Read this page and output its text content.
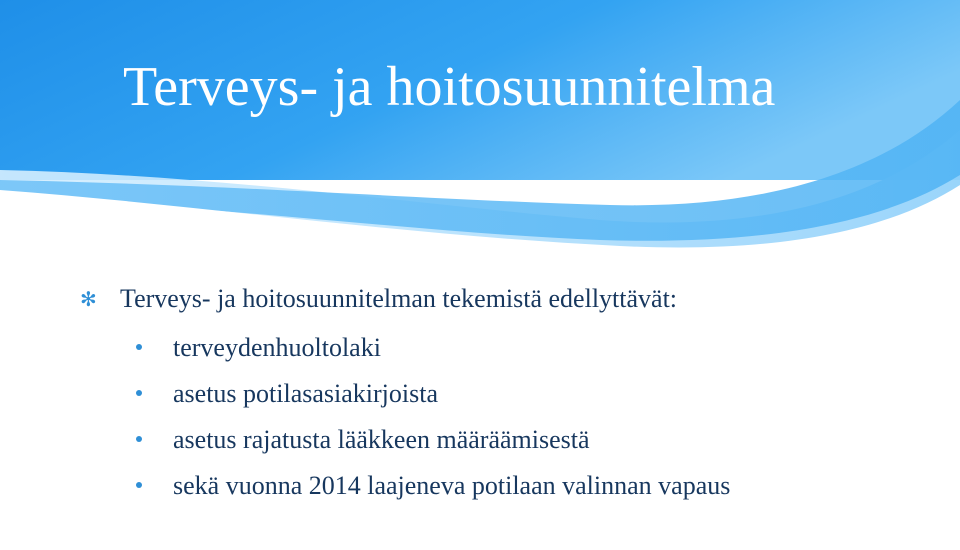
Terveys- ja hoitosuunnitelma
✻ Terveys- ja hoitosuunnitelman tekemistä edellyttävät:
terveydenhuoltolaki
asetus potilasasiakirjoista
asetus rajatusta lääkkeen määräämisestä
sekä vuonna 2014 laajeneva potilaan valinnan vapaus
